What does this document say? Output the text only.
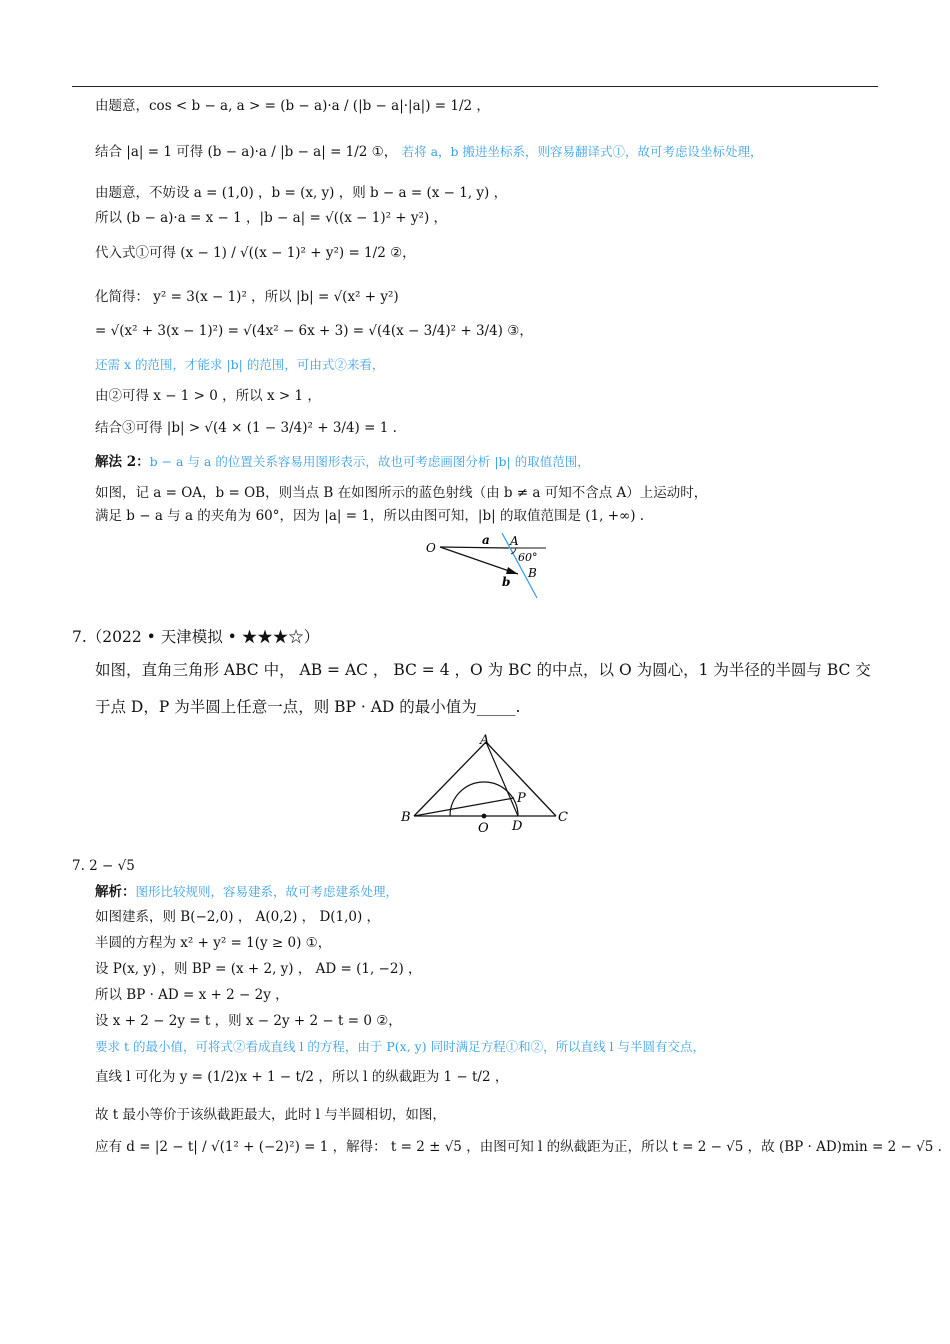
由题意，cos < b − a, a > = (b − a)·a / (|b − a|·|a|) = 1/2 ，
结合 |a| = 1 可得 (b − a)·a / |b − a| = 1/2 ①， 若将 a，b 搬进坐标系，则容易翻译式①，故可考虑设坐标处理，
由题意，不妨设 a = (1,0) ，b = (x, y) ，则 b − a = (x − 1, y) ，
所以 (b − a)·a = x − 1 ，|b − a| = √((x − 1)² + y²) ，
代入式①可得 (x − 1) / √((x − 1)² + y²) = 1/2 ②，
化简得： y² = 3(x − 1)² ，所以 |b| = √(x² + y²)
= √(x² + 3(x − 1)²) = √(4x² − 6x + 3) = √(4(x − 3/4)² + 3/4) ③，
还需 x 的范围，才能求 |b| 的范围，可由式②来看，
由②可得 x − 1 > 0 ，所以 x > 1 ，
结合③可得 |b| > √(4 × (1 − 3/4)² + 3/4) = 1 .
解法 2：b − a 与 a 的位置关系容易用图形表示，故也可考虑画图分析 |b| 的取值范围，
如图，记 a = OA，b = OB，则当点 B 在如图所示的蓝色射线（由 b ≠ a 可知不含点 A）上运动时，
满足 b − a 与 a 的夹角为 60°，因为 |a| = 1，所以由图可知，|b| 的取值范围是 (1, +∞) .
O
a A
60°
B
b
7.（2022 • 天津模拟 • ★★★☆）
如图，直角三角形 ABC 中， AB = AC ， BC = 4 ，O 为 BC 的中点，以 O 为圆心，1 为半径的半圆与 BC 交
于点 D，P 为半圆上任意一点，则 BP · AD 的最小值为_____.
A
B	C
O D
P
7. 2 − √5
解析：图形比较规则，容易建系，故可考虑建系处理，
如图建系，则 B(−2,0) ， A(0,2) ， D(1,0) ，
半圆的方程为 x² + y² = 1(y ≥ 0) ①，
设 P(x, y) ，则 BP = (x + 2, y) ， AD = (1, −2) ，
所以 BP · AD = x + 2 − 2y ，
设 x + 2 − 2y = t ，则 x − 2y + 2 − t = 0 ②，
要求 t 的最小值，可将式②看成直线 l 的方程，由于 P(x, y) 同时满足方程①和②，所以直线 l 与半圆有交点，
直线 l 可化为 y = (1/2)x + 1 − t/2 ，所以 l 的纵截距为 1 − t/2 ，
故 t 最小等价于该纵截距最大，此时 l 与半圆相切，如图，
应有 d = |2 − t| / √(1² + (−2)²) = 1 ，解得： t = 2 ± √5 ，由图可知 l 的纵截距为正，所以 t = 2 − √5 ，故 (BP · AD)min = 2 − √5 .
